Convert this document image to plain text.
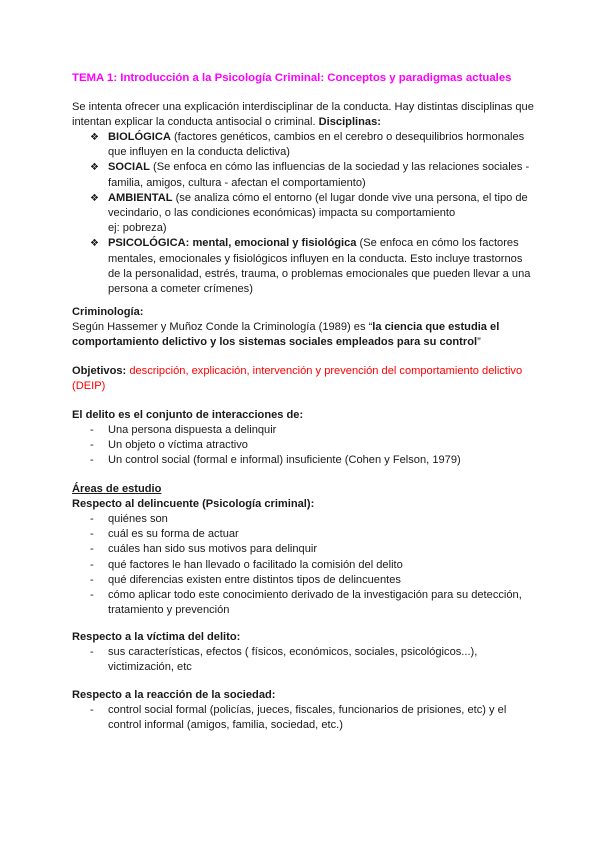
TEMA 1: Introducción a la Psicología Criminal: Conceptos y paradigmas actuales

Se intenta ofrecer una explicación interdisciplinar de la conducta. Hay distintas disciplinas que intentan explicar la conducta antisocial o criminal. Disciplinas:

❖ BIOLÓGICA (factores genéticos, cambios en el cerebro o desequilibrios hormonales que influyen en la conducta delictiva)
❖ SOCIAL (Se enfoca en cómo las influencias de la sociedad y las relaciones sociales - familia, amigos, cultura - afectan el comportamiento)
❖ AMBIENTAL (se analiza cómo el entorno (el lugar donde vive una persona, el tipo de vecindario, o las condiciones económicas) impacta su comportamiento
ej: pobreza)
❖ PSICOLÓGICA: mental, emocional y fisiológica (Se enfoca en cómo los factores mentales, emocionales y fisiológicos influyen en la conducta. Esto incluye trastornos de la personalidad, estrés, trauma, o problemas emocionales que pueden llevar a una persona a cometer crímenes)

Criminología:

Según Hassemer y Muñoz Conde la Criminología (1989) es “la ciencia que estudia el comportamiento delictivo y los sistemas sociales empleados para su control”

Objetivos: descripción, explicación, intervención y prevención del comportamiento delictivo (DEIP)

El delito es el conjunto de interacciones de:

- Una persona dispuesta a delinquir
- Un objeto o víctima atractivo
- Un control social (formal e informal) insuficiente (Cohen y Felson, 1979)

Áreas de estudio

Respecto al delincuente (Psicología criminal):

- quiénes son
- cuál es su forma de actuar
- cuáles han sido sus motivos para delinquir
- qué factores le han llevado o facilitado la comisión del delito
- qué diferencias existen entre distintos tipos de delincuentes
- cómo aplicar todo este conocimiento derivado de la investigación para su detección, tratamiento y prevención

Respecto a la víctima del delito:

- sus características, efectos ( físicos, económicos, sociales, psicológicos...), victimización, etc

Respecto a la reacción de la sociedad:

- control social formal (policías, jueces, fiscales, funcionarios de prisiones, etc) y el control informal (amigos, familia, sociedad, etc.)
